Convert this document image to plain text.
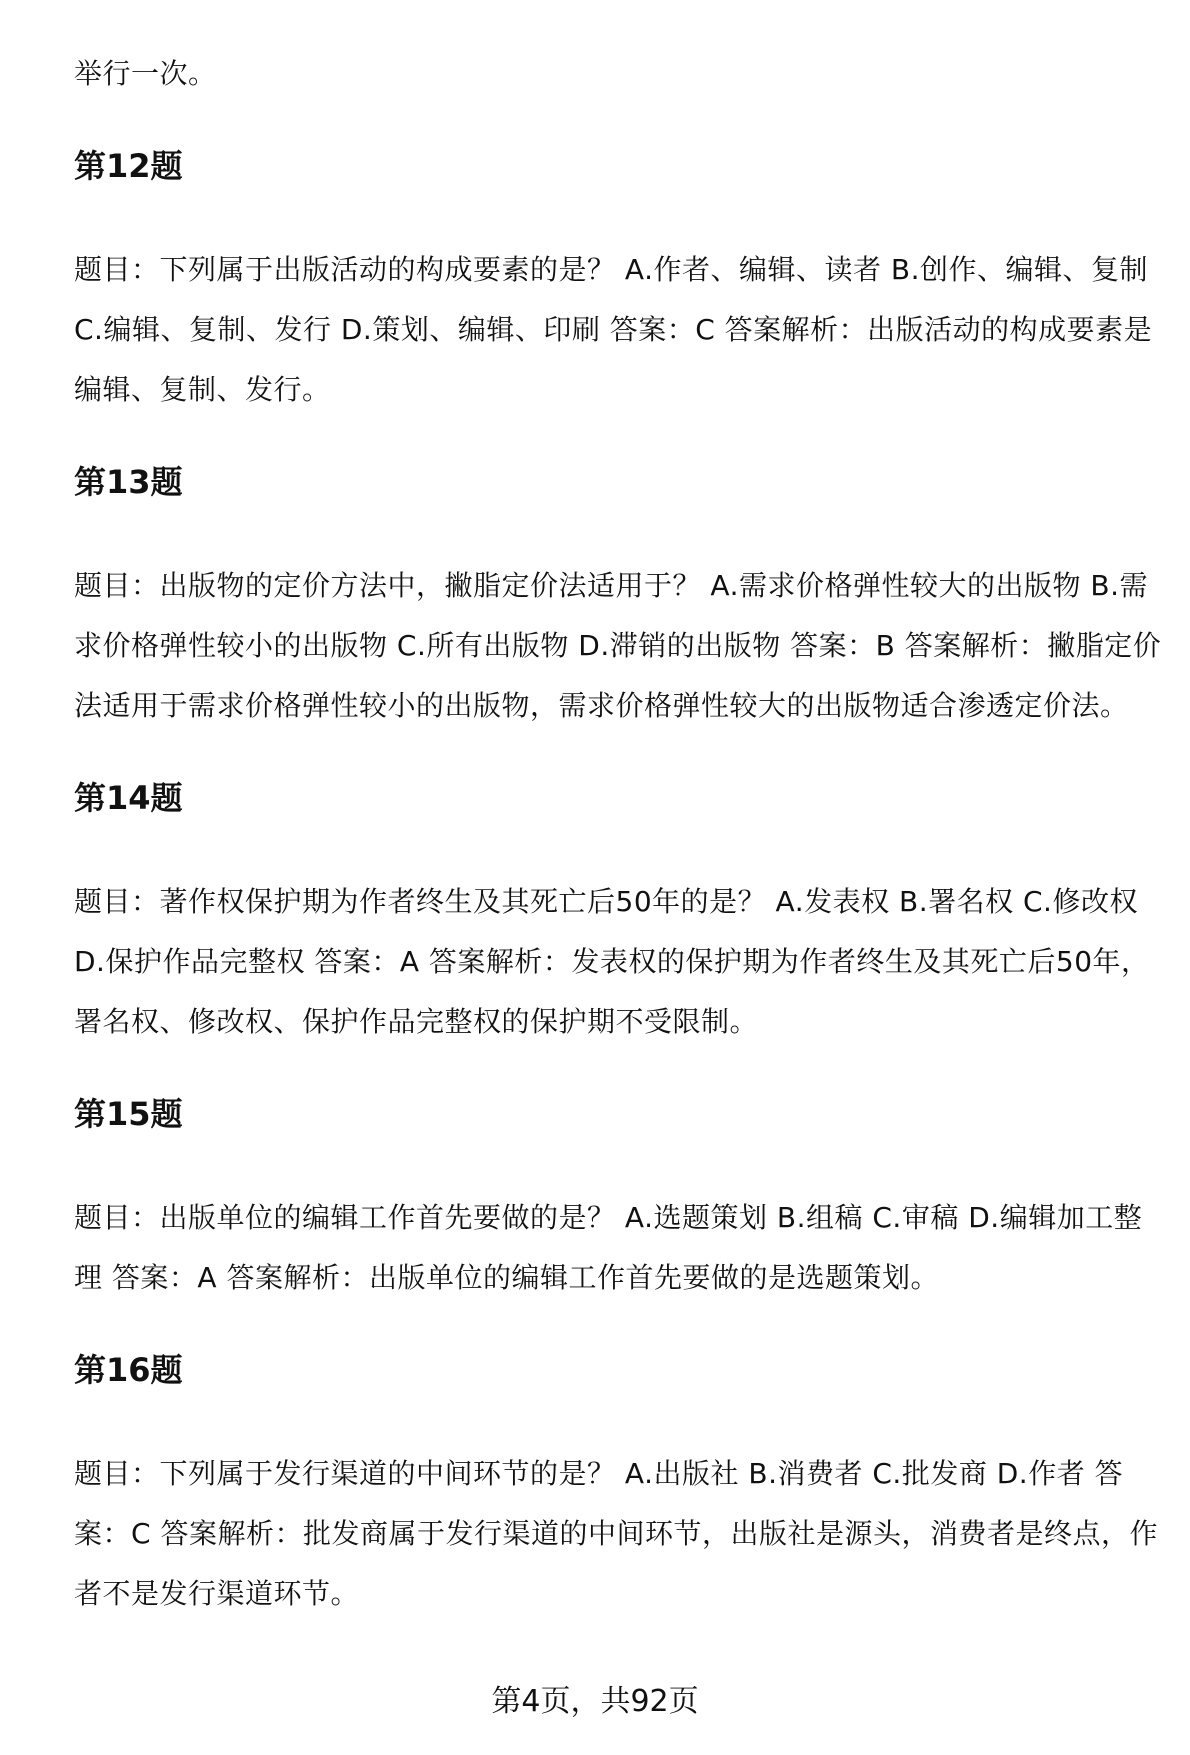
举行一次。

第12题

题目：下列属于出版活动的构成要素的是？ A.作者、编辑、读者 B.创作、编辑、复制 C.编辑、复制、发行 D.策划、编辑、印刷 答案：C 答案解析：出版活动的构成要素是编辑、复制、发行。

第13题

题目：出版物的定价方法中，撇脂定价法适用于？ A.需求价格弹性较大的出版物 B.需求价格弹性较小的出版物 C.所有出版物 D.滞销的出版物 答案：B 答案解析：撇脂定价法适用于需求价格弹性较小的出版物，需求价格弹性较大的出版物适合渗透定价法。

第14题

题目：著作权保护期为作者终生及其死亡后50年的是？ A.发表权 B.署名权 C.修改权 D.保护作品完整权 答案：A 答案解析：发表权的保护期为作者终生及其死亡后50年，署名权、修改权、保护作品完整权的保护期不受限制。

第15题

题目：出版单位的编辑工作首先要做的是？ A.选题策划 B.组稿 C.审稿 D.编辑加工整理 答案：A 答案解析：出版单位的编辑工作首先要做的是选题策划。

第16题

题目：下列属于发行渠道的中间环节的是？ A.出版社 B.消费者 C.批发商 D.作者 答案：C 答案解析：批发商属于发行渠道的中间环节，出版社是源头，消费者是终点，作者不是发行渠道环节。

第4页，共92页
